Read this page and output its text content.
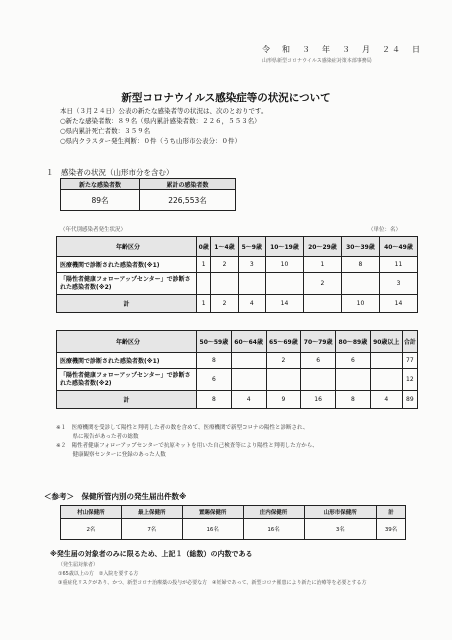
令　和　３　年　３　月　２４　日
山形県新型コロナウイルス感染症対策本部事務局
新型コロナウイルス感染症等の状況について
本日（３月２４日）公表の新たな感染者等の状況は、次のとおりです。
○新たな感染者数：８９名（県内累計感染者数：２２６，５５３名）
○県内累計死亡者数：３５９名
○県内クラスター発生判断：０件（うち山形市公表分：０件）
１　感染者の状況（山形市分を含む）
新たな感染者数	累計の感染者数
89名	226,553名
（年代別感染者発生状況）	（単位：名）
年齢区分	0歳	1〜4歳	5〜9歳	10〜19歳	20〜29歳	30〜39歳	40〜49歳
医療機関で診断された感染者数(※1)	1	2	3	10	1	8	11
「陽性者健康フォローアップセンター」で診断された感染者数(※2)					2		3
計	1	2	4	14		10	14
年齢区分	50〜59歳	60〜64歳	65〜69歳	70〜79歳	80〜89歳	90歳以上	合計
医療機関で診断された感染者数(※1)	8		2	6	6		77
「陽性者健康フォローアップセンター」で診断された感染者数(※2)	6						12
計	8	4	9	16	8	4	89
※１　医療機関を受診して陽性と判明した者の数を含めて、医療機関で新型コロナの陽性と診断され、
　　　県に報告があった者の総数
※２　陽性者健康フォローアップセンターで抗原キットを用いた自己検査等により陽性と判明した方から、
　　　健康観察センターに登録のあった人数
＜参考＞　保健所管内別の発生届出件数※
村山保健所	最上保健所	置賜保健所	庄内保健所	山形市保健所	計
2名	7名	16名	16名	3名	39名
※発生届の対象者のみに限るため、上記１（総数）の内数である
（発生届対象者）
①65歳以上の方　②入院を要する方
③重症化リスクがあり、かつ、新型コロナ治療薬の投与が必要な方　④妊婦であって、新型コロナ罹患により新たに治療等を必要とする方
